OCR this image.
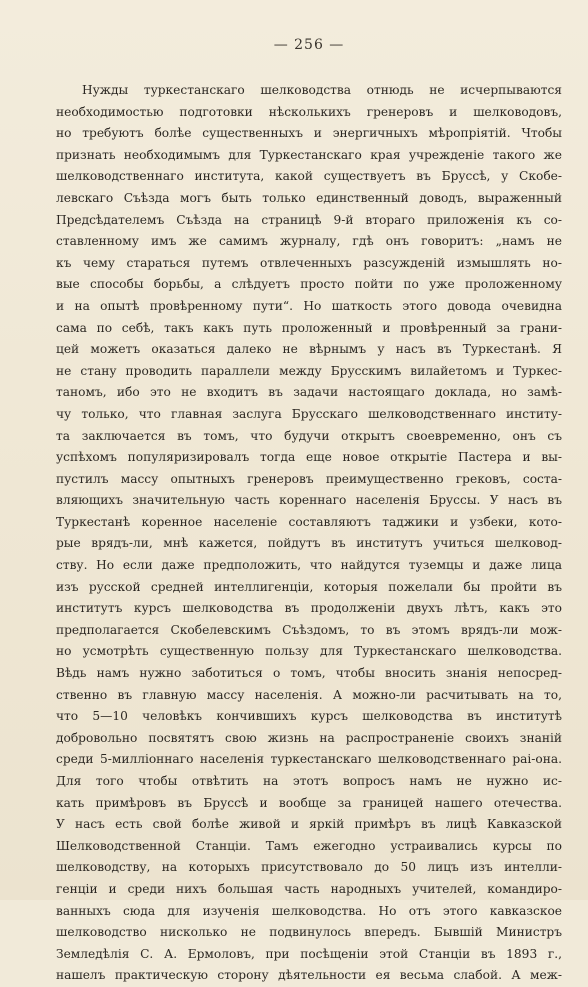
— 256 —
Нужды туркестанскаго шелководства отнюдь не исчерпываются
необходимостью подготовки нѣсколькихъ гренеровъ и шелководовъ,
но требуютъ болѣе существенныхъ и энергичныхъ мѣропріятій. Чтобы
признать необходимымъ для Туркестанскаго края учрежденіе такого же
шелководственнаго института, какой существуетъ въ Бруссѣ, у Скобе-
левскаго Съѣзда могъ быть только единственный доводъ, выраженный
Предсѣдателемъ Съѣзда на страницѣ 9-й втораго приложенія къ со-
ставленному имъ же самимъ журналу, гдѣ онъ говоритъ: „намъ не
къ чему стараться путемъ отвлеченныхъ разсужденій измышлять но-
вые способы борьбы, а слѣдуетъ просто пойти по уже проложенному
и на опытѣ провѣренному пути“. Но шаткость этого довода очевидна
сама по себѣ, такъ какъ путь проложенный и провѣренный за грани-
цей можетъ оказаться далеко не вѣрнымъ у насъ въ Туркестанѣ. Я
не стану проводить параллели между Брусскимъ вилайетомъ и Туркес-
таномъ, ибо это не входитъ въ задачи настоящаго доклада, но замѣ-
чу только, что главная заслуга Брусскаго шелководственнаго институ-
та заключается въ томъ, что будучи открытъ своевременно, онъ съ
успѣхомъ популяризировалъ тогда еще новое открытіе Пастера и вы-
пустилъ массу опытныхъ гренеровъ преимущественно грековъ, соста-
вляющихъ значительную часть кореннаго населенія Бруссы. У насъ въ
Туркестанѣ коренное населеніе составляютъ таджики и узбеки, кото-
рые врядъ-ли, мнѣ кажется, пойдутъ въ институтъ учиться шелковод-
ству. Но если даже предположить, что найдутся туземцы и даже лица
изъ русской средней интеллигенціи, которыя пожелали бы пройти въ
институтъ курсъ шелководства въ продолженіи двухъ лѣтъ, какъ это
предполагается Скобелевскимъ Съѣздомъ, то въ этомъ врядъ-ли мож-
но усмотрѣть существенную пользу для Туркестанскаго шелководства.
Вѣдь намъ нужно заботиться о томъ, чтобы вносить знанія непосред-
ственно въ главную массу населенія. А можно-ли расчитывать на то,
что 5—10 человѣкъ кончившихъ курсъ шелководства въ институтѣ
добровольно посвятятъ свою жизнь на распространеніе своихъ знаній
среди 5-милліоннаго населенія туркестанскаго шелководственнаго раі-она.
Для того чтобы отвѣтить на этотъ вопросъ намъ не нужно ис-
кать примѣровъ въ Бруссѣ и вообще за границей нашего отечества.
У насъ есть свой болѣе живой и яркій примѣръ въ лицѣ Кавказской
Шелководственной Станціи. Тамъ ежегодно устраивались курсы по
шелководству, на которыхъ присутствовало до 50 лицъ изъ интелли-
генціи и среди нихъ большая часть народныхъ учителей, командиро-
ванныхъ сюда для изученія шелководства. Но отъ этого кавказское
шелководство нисколько не подвинулось впередъ. Бывшій Министръ
Земледѣлія С. А. Ермоловъ, при посѣщеніи этой Станціи въ 1893 г.,
нашелъ практическую сторону дѣятельности ея весьма слабой. А меж-
